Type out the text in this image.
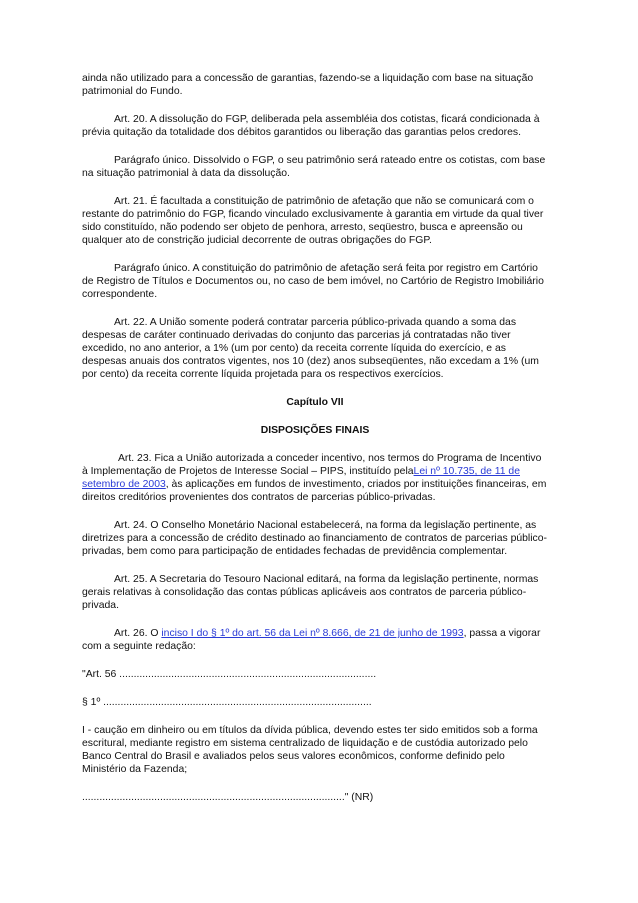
ainda não utilizado para a concessão de garantias, fazendo-se a liquidação com base na situação patrimonial do Fundo.

Art. 20. A dissolução do FGP, deliberada pela assembléia dos cotistas, ficará condicionada à prévia quitação da totalidade dos débitos garantidos ou liberação das garantias pelos credores.

Parágrafo único. Dissolvido o FGP, o seu patrimônio será rateado entre os cotistas, com base na situação patrimonial à data da dissolução.

Art. 21. É facultada a constituição de patrimônio de afetação que não se comunicará com o restante do patrimônio do FGP, ficando vinculado exclusivamente à garantia em virtude da qual tiver sido constituído, não podendo ser objeto de penhora, arresto, seqüestro, busca e apreensão ou qualquer ato de constrição judicial decorrente de outras obrigações do FGP.

Parágrafo único. A constituição do patrimônio de afetação será feita por registro em Cartório de Registro de Títulos e Documentos ou, no caso de bem imóvel, no Cartório de Registro Imobiliário correspondente.

Art. 22. A União somente poderá contratar parceria público-privada quando a soma das despesas de caráter continuado derivadas do conjunto das parcerias já contratadas não tiver excedido, no ano anterior, a 1% (um por cento) da receita corrente líquida do exercício, e as despesas anuais dos contratos vigentes, nos 10 (dez) anos subseqüentes, não excedam a 1% (um por cento) da receita corrente líquida projetada para os respectivos exercícios.

Capítulo VII

DISPOSIÇÕES FINAIS

Art. 23. Fica a União autorizada a conceder incentivo, nos termos do Programa de Incentivo à Implementação de Projetos de Interesse Social – PIPS, instituído pelaLei nº 10.735, de 11 de setembro de 2003, às aplicações em fundos de investimento, criados por instituições financeiras, em direitos creditórios provenientes dos contratos de parcerias público-privadas.

Art. 24. O Conselho Monetário Nacional estabelecerá, na forma da legislação pertinente, as diretrizes para a concessão de crédito destinado ao financiamento de contratos de parcerias público-privadas, bem como para participação de entidades fechadas de previdência complementar.

Art. 25. A Secretaria do Tesouro Nacional editará, na forma da legislação pertinente, normas gerais relativas à consolidação das contas públicas aplicáveis aos contratos de parceria público-privada.

Art. 26. O inciso I do § 1º do art. 56 da Lei nº 8.666, de 21 de junho de 1993, passa a vigorar com a seguinte redação:

"Art. 56 .........................................................................................

§ 1º .............................................................................................

I - caução em dinheiro ou em títulos da dívida pública, devendo estes ter sido emitidos sob a forma escritural, mediante registro em sistema centralizado de liquidação e de custódia autorizado pelo Banco Central do Brasil e avaliados pelos seus valores econômicos, conforme definido pelo Ministério da Fazenda;

..........................................................................................." (NR)
